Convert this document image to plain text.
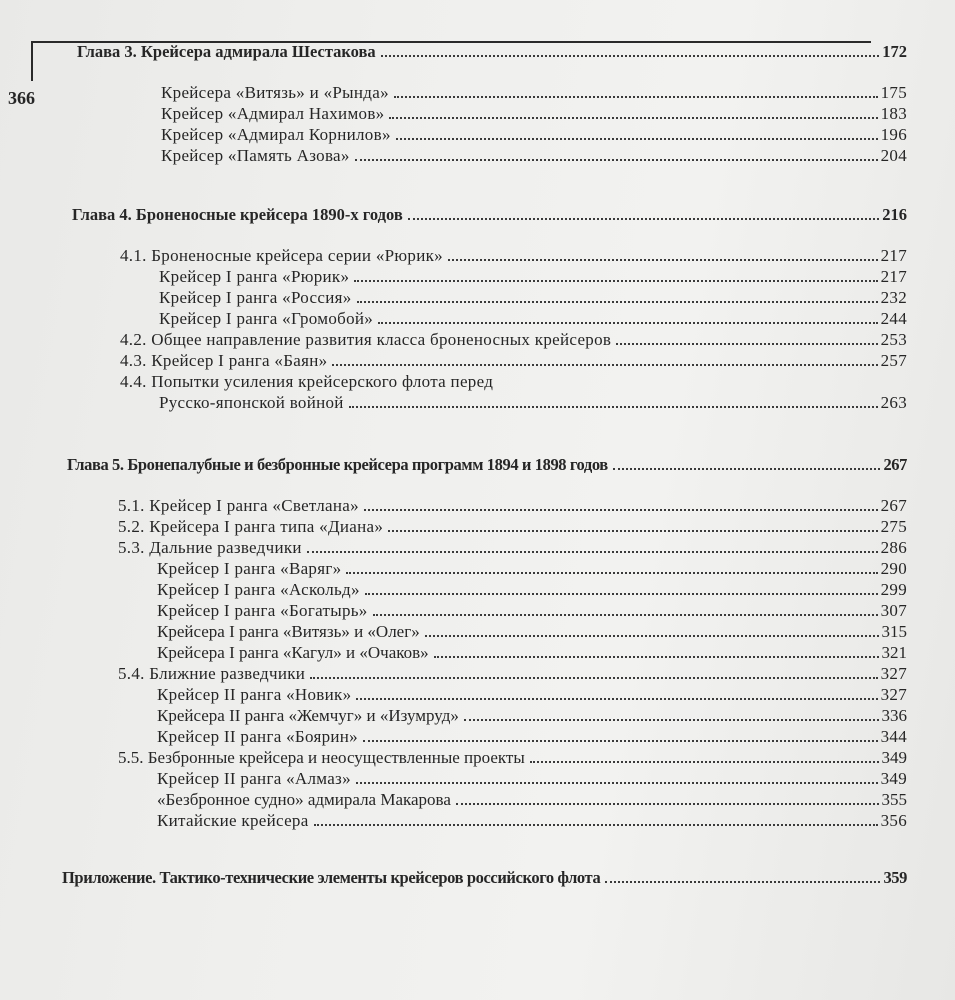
366
Глава 3. Крейсера адмирала Шестакова	172
Крейсера «Витязь» и «Рында»	175
Крейсер «Адмирал Нахимов»	183
Крейсер «Адмирал Корнилов»	196
Крейсер «Память Азова»	204
Глава 4. Броненосные крейсера 1890-х годов	216
4.1. Броненосные крейсера серии «Рюрик»	217
Крейсер I ранга «Рюрик»	217
Крейсер I ранга «Россия»	232
Крейсер I ранга «Громобой»	244
4.2. Общее направление развития класса броненосных крейсеров	253
4.3. Крейсер I ранга «Баян»	257
4.4. Попытки усиления крейсерского флота перед
Русско-японской войной	263
Глава 5. Бронепалубные и безбронные крейсера программ 1894 и 1898 годов	267
5.1. Крейсер I ранга «Светлана»	267
5.2. Крейсера I ранга типа «Диана»	275
5.3. Дальние разведчики	286
Крейсер I ранга «Варяг»	290
Крейсер I ранга «Аскольд»	299
Крейсер I ранга «Богатырь»	307
Крейсера I ранга «Витязь» и «Олег»	315
Крейсера I ранга «Кагул» и «Очаков»	321
5.4. Ближние разведчики	327
Крейсер II ранга «Новик»	327
Крейсера II ранга «Жемчуг» и «Изумруд»	336
Крейсер II ранга «Боярин»	344
5.5. Безбронные крейсера и неосуществленные проекты	349
Крейсер II ранга «Алмаз»	349
«Безбронное судно» адмирала Макарова	355
Китайские крейсера	356
Приложение. Тактико-технические элементы крейсеров российского флота	359
